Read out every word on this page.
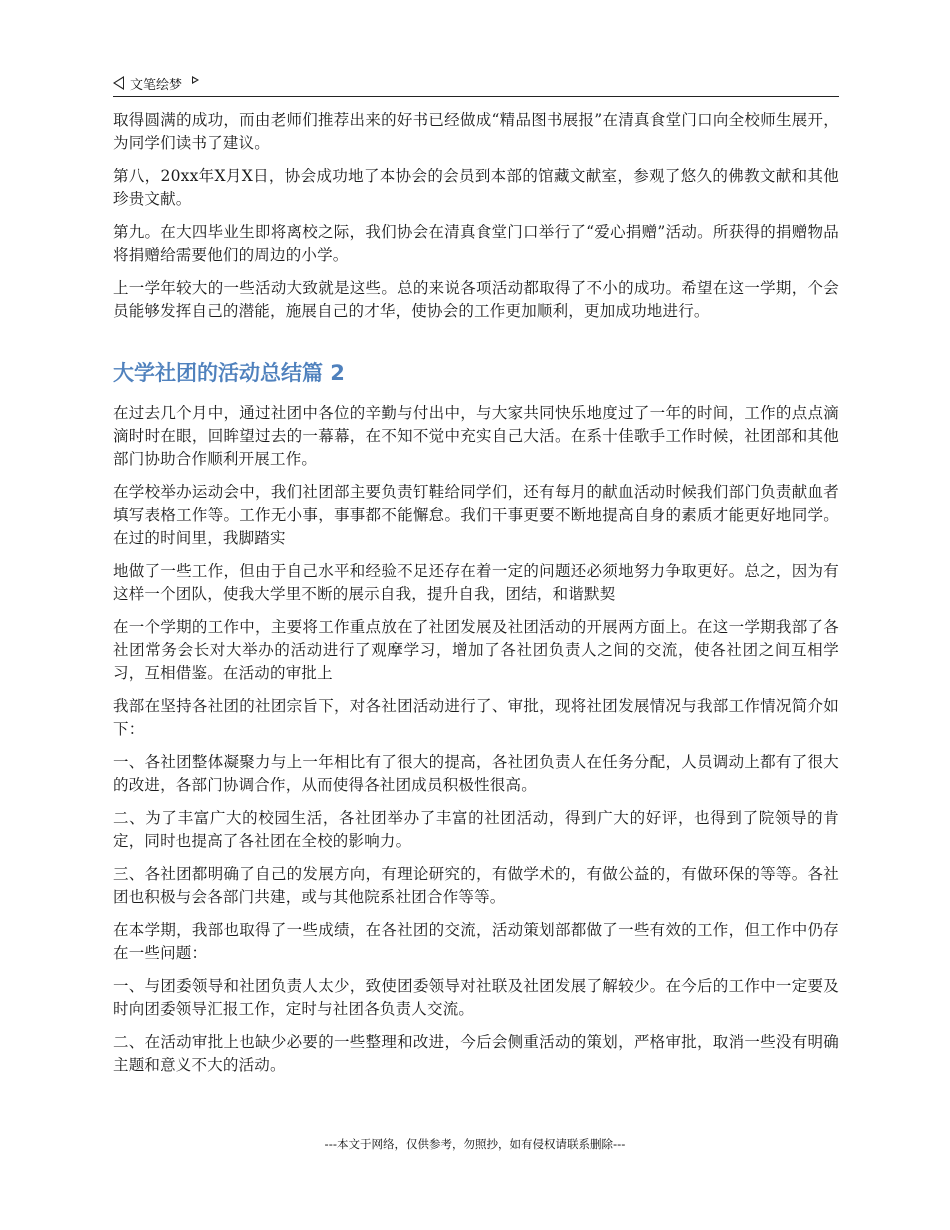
文笔绘梦

取得圆满的成功，而由老师们推荐出来的好书已经做成“精品图书展报”在清真食堂门口向全校师生展开，为同学们读书了建议。

第八，20xx年X月X日，协会成功地了本协会的会员到本部的馆藏文献室，参观了悠久的佛教文献和其他珍贵文献。

第九。在大四毕业生即将离校之际，我们协会在清真食堂门口举行了“爱心捐赠”活动。所获得的捐赠物品将捐赠给需要他们的周边的小学。

上一学年较大的一些活动大致就是这些。总的来说各项活动都取得了不小的成功。希望在这一学期，个会员能够发挥自己的潜能，施展自己的才华，使协会的工作更加顺利，更加成功地进行。

大学社团的活动总结篇 2

在过去几个月中，通过社团中各位的辛勤与付出中，与大家共同快乐地度过了一年的时间，工作的点点滴滴时时在眼，回眸望过去的一幕幕，在不知不觉中充实自己大活。在系十佳歌手工作时候，社团部和其他部门协助合作顺利开展工作。

在学校举办运动会中，我们社团部主要负责钉鞋给同学们，还有每月的献血活动时候我们部门负责献血者填写表格工作等。工作无小事，事事都不能懈怠。我们干事更要不断地提高自身的素质才能更好地同学。在过的时间里，我脚踏实

地做了一些工作，但由于自己水平和经验不足还存在着一定的问题还必须地努力争取更好。总之，因为有这样一个团队，使我大学里不断的展示自我，提升自我，团结，和谐默契

在一个学期的工作中，主要将工作重点放在了社团发展及社团活动的开展两方面上。在这一学期我部了各社团常务会长对大举办的活动进行了观摩学习，增加了各社团负责人之间的交流，使各社团之间互相学习，互相借鉴。在活动的审批上

我部在坚持各社团的社团宗旨下，对各社团活动进行了、审批，现将社团发展情况与我部工作情况简介如下：

一、各社团整体凝聚力与上一年相比有了很大的提高，各社团负责人在任务分配，人员调动上都有了很大的改进，各部门协调合作，从而使得各社团成员积极性很高。

二、为了丰富广大的校园生活，各社团举办了丰富的社团活动，得到广大的好评，也得到了院领导的肯定，同时也提高了各社团在全校的影响力。

三、各社团都明确了自己的发展方向，有理论研究的，有做学术的，有做公益的，有做环保的等等。各社团也积极与会各部门共建，或与其他院系社团合作等等。

在本学期，我部也取得了一些成绩，在各社团的交流，活动策划部都做了一些有效的工作，但工作中仍存在一些问题：

一、与团委领导和社团负责人太少，致使团委领导对社联及社团发展了解较少。在今后的工作中一定要及时向团委领导汇报工作，定时与社团各负责人交流。

二、在活动审批上也缺少必要的一些整理和改进，今后会侧重活动的策划，严格审批，取消一些没有明确主题和意义不大的活动。

---本文于网络，仅供参考，勿照抄，如有侵权请联系删除---
